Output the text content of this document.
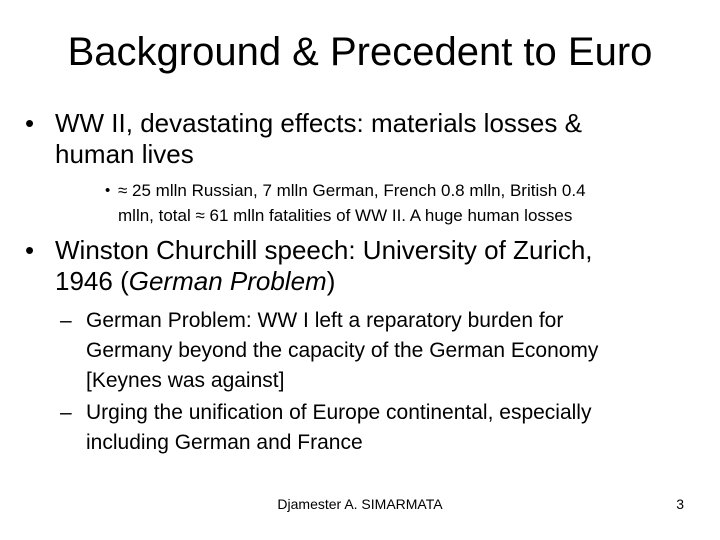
Background & Precedent to Euro
• WW II, devastating effects: materials losses &
human lives
• ≈ 25 mlln Russian, 7 mlln German, French 0.8 mlln, British 0.4
mlln, total ≈ 61 mlln fatalities of WW II. A huge human losses
• Winston Churchill speech: University of Zurich,
1946 (German Problem)
– German Problem: WW I left a reparatory burden for
Germany beyond the capacity of the German Economy
[Keynes was against]
– Urging the unification of Europe continental, especially
including German and France
Djamester A. SIMARMATA	3
